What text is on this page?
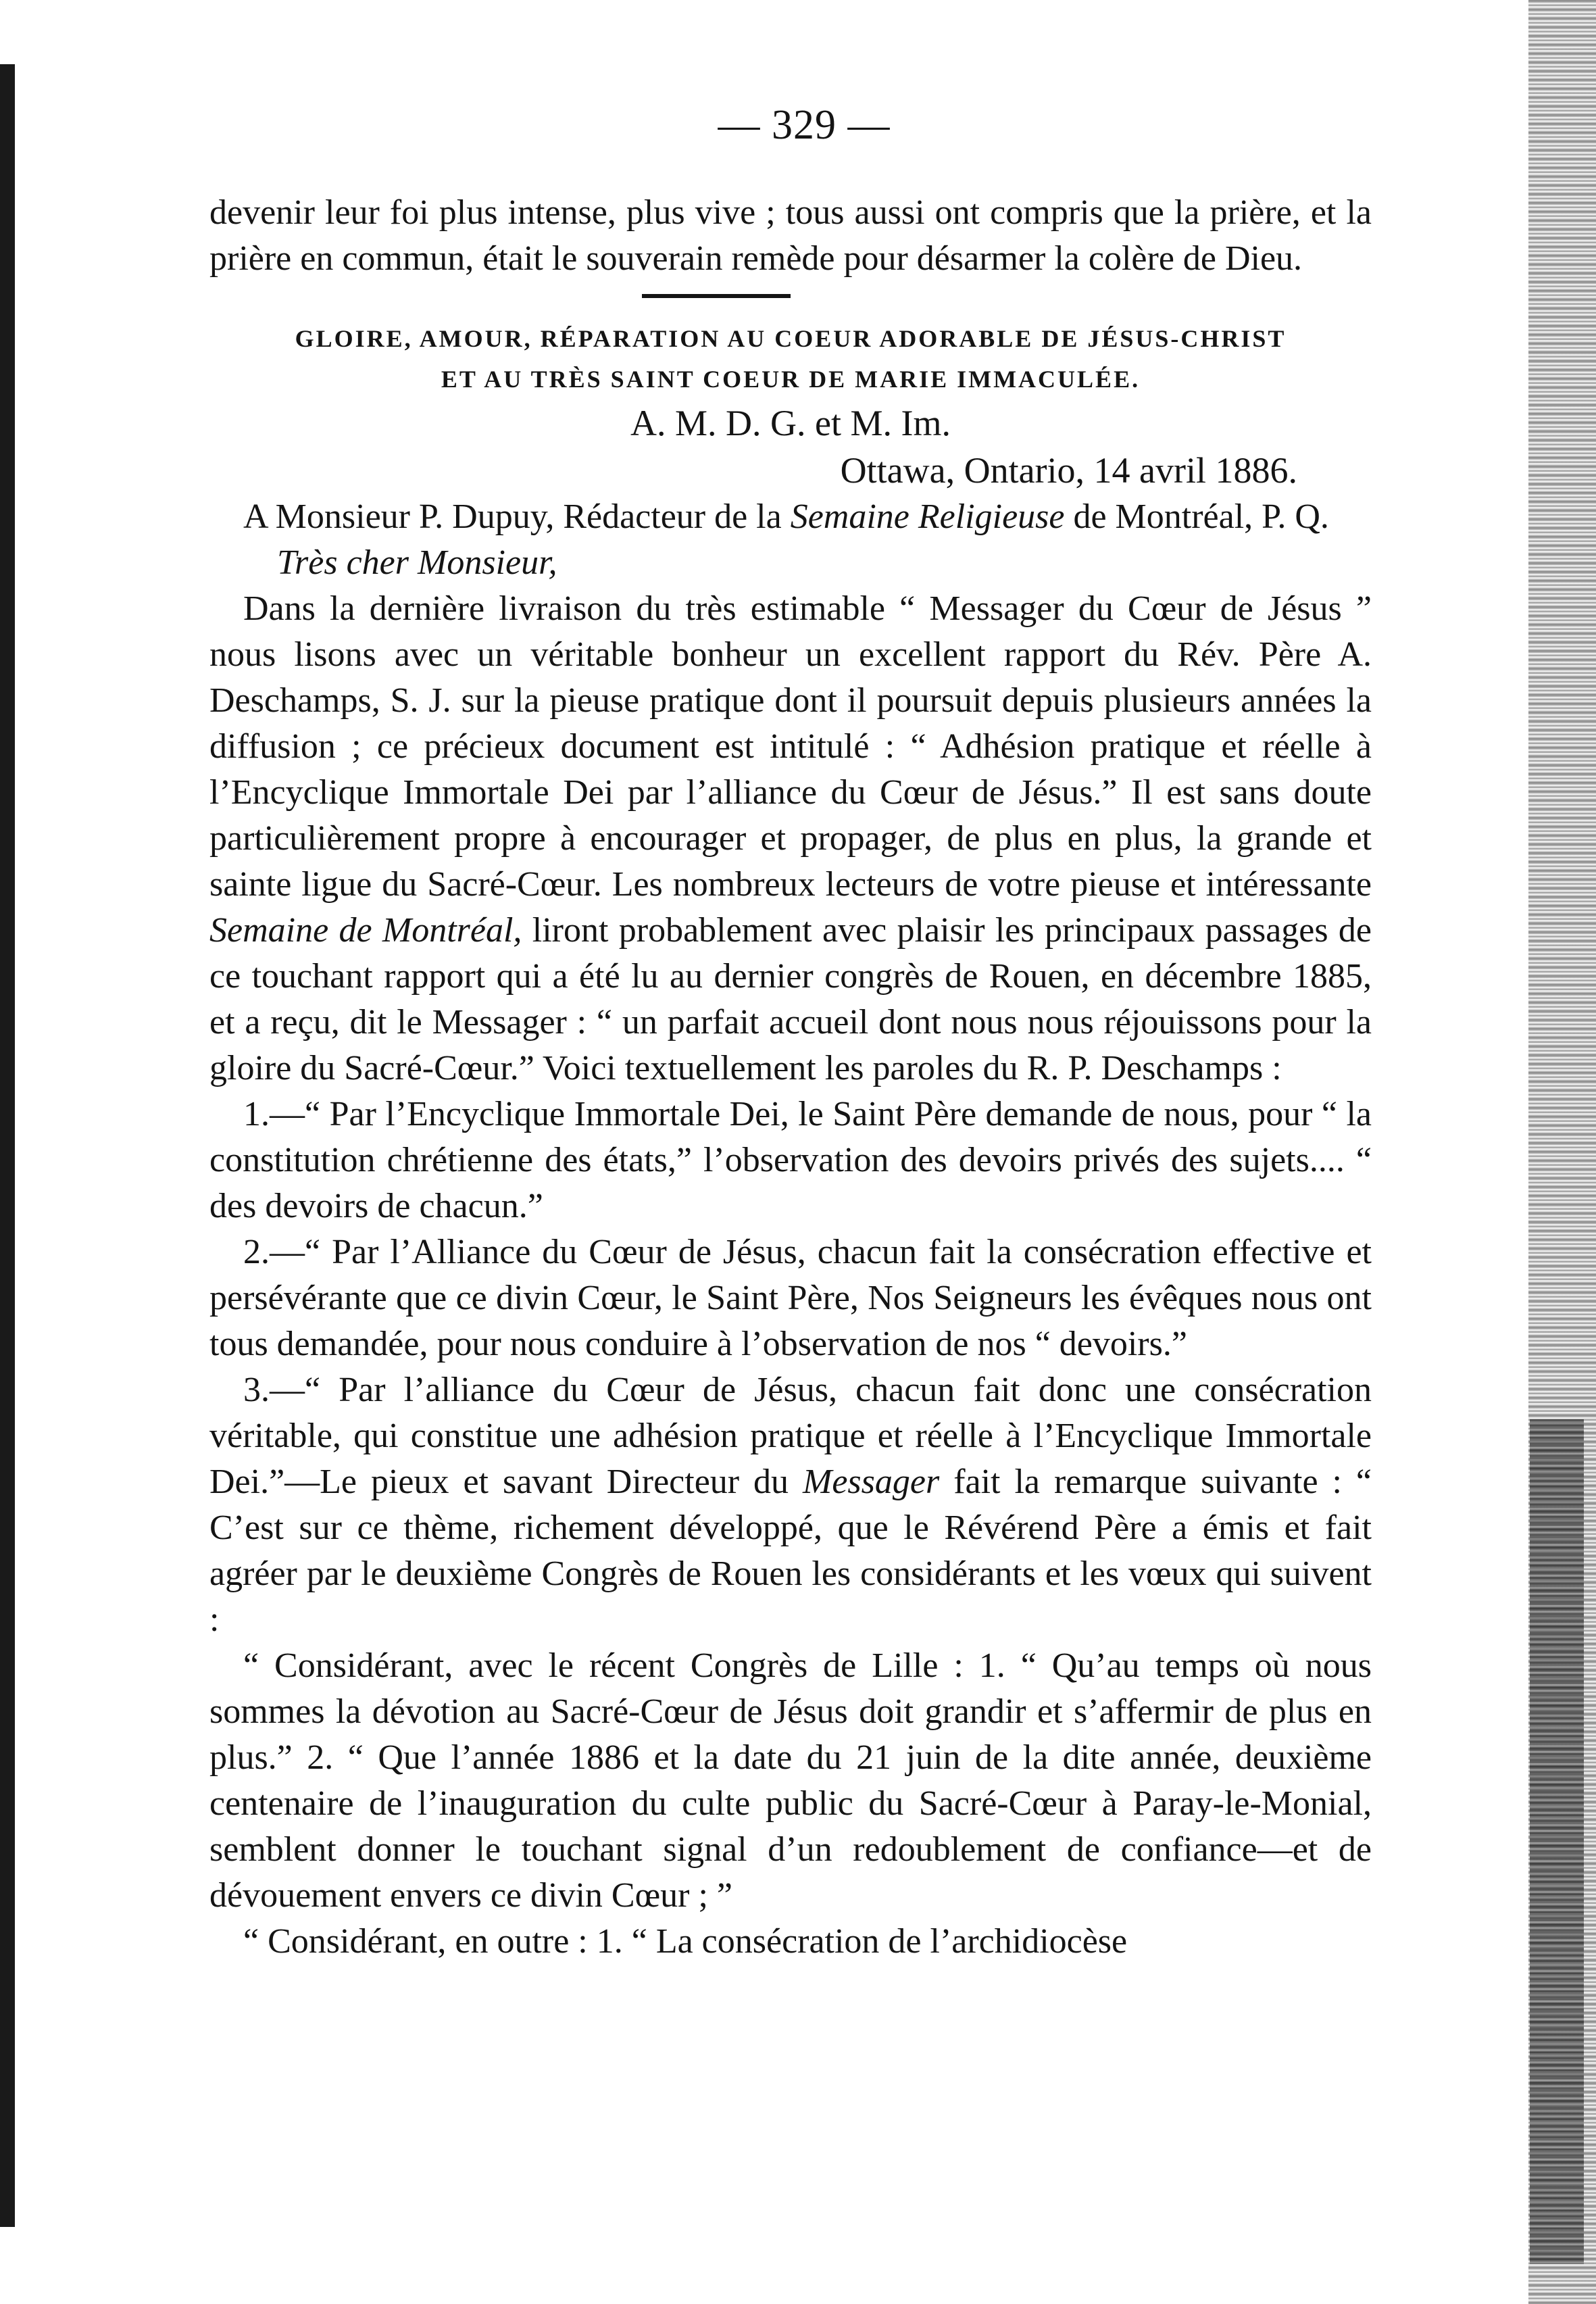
— 329 —

devenir leur foi plus intense, plus vive ; tous aussi ont compris que la prière, et la prière en commun, était le souverain remède pour désarmer la colère de Dieu.

GLOIRE, AMOUR, RÉPARATION AU COEUR ADORABLE DE JÉSUS-CHRIST

ET AU TRÈS SAINT COEUR DE MARIE IMMACULÉE.

A. M. D. G. et M. Im.

Ottawa, Ontario, 14 avril 1886.

A Monsieur P. Dupuy, Rédacteur de la Semaine Religieuse de Montréal, P. Q.

Très cher Monsieur,

Dans la dernière livraison du très estimable “ Messager du Cœur de Jésus ” nous lisons avec un véritable bonheur un excellent rapport du Rév. Père A. Deschamps, S. J. sur la pieuse pratique dont il poursuit depuis plusieurs années la diffusion ; ce précieux document est intitulé : “ Adhésion pratique et réelle à l’Encyclique Immortale Dei par l’alliance du Cœur de Jésus.” Il est sans doute particulièrement propre à encourager et propager, de plus en plus, la grande et sainte ligue du Sacré-Cœur. Les nombreux lecteurs de votre pieuse et intéressante Semaine de Montréal, liront probablement avec plaisir les principaux passages de ce touchant rapport qui a été lu au dernier congrès de Rouen, en décembre 1885, et a reçu, dit le Messager : “ un parfait accueil dont nous nous réjouissons pour la gloire du Sacré-Cœur.” Voici textuellement les paroles du R. P. Deschamps :

1.—“ Par l’Encyclique Immortale Dei, le Saint Père demande de nous, pour “ la constitution chrétienne des états,” l’observation des devoirs privés des sujets.... “ des devoirs de chacun.”

2.—“ Par l’Alliance du Cœur de Jésus, chacun fait la consécration effective et persévérante que ce divin Cœur, le Saint Père, Nos Seigneurs les évêques nous ont tous demandée, pour nous conduire à l’observation de nos “ devoirs.”

3.—“ Par l’alliance du Cœur de Jésus, chacun fait donc une consécration véritable, qui constitue une adhésion pratique et réelle à l’Encyclique Immortale Dei.”—Le pieux et savant Directeur du Messager fait la remarque suivante : “ C’est sur ce thème, richement développé, que le Révérend Père a émis et fait agréer par le deuxième Congrès de Rouen les considérants et les vœux qui suivent :

“ Considérant, avec le récent Congrès de Lille : 1. “ Qu’au temps où nous sommes la dévotion au Sacré-Cœur de Jésus doit grandir et s’affermir de plus en plus.” 2. “ Que l’année 1886 et la date du 21 juin de la dite année, deuxième centenaire de l’inauguration du culte public du Sacré-Cœur à Paray-le-Monial, semblent donner le touchant signal d’un redoublement de confiance—et de dévouement envers ce divin Cœur ; ”

“ Considérant, en outre : 1. “ La consécration de l’archidiocèse
